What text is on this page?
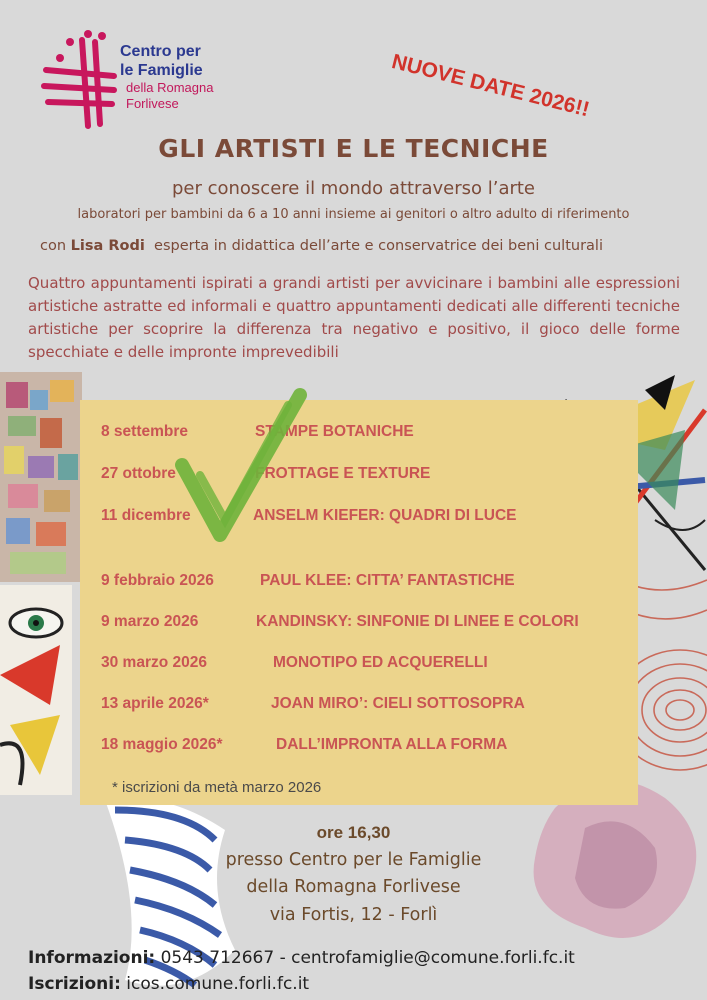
Centro per
le Famiglie
della Romagna
Forlivese	NUOVE DATE 2026!!
GLI ARTISTI E LE TECNICHE
per conoscere il mondo attraverso l’arte
laboratori per bambini da 6 a 10 anni insieme ai genitori o altro adulto di riferimento
con Lisa Rodi esperta in didattica dell’arte e conservatrice dei beni culturali
Quattro appuntamenti ispirati a grandi artisti per avvicinare i bambini alle espressioni artistiche astratte ed informali e quattro appuntamenti dedicati alle differenti tecniche artistiche per scoprire la differenza tra negativo e positivo, il gioco delle forme specchiate e delle impronte imprevedibili
8 settembre	STAMPE BOTANICHE
27 ottobre	FROTTAGE E TEXTURE
11 dicembre	ANSELM KIEFER: QUADRI DI LUCE
9 febbraio 2026	PAUL KLEE: CITTA’ FANTASTICHE
9 marzo 2026	KANDINSKY: SINFONIE DI LINEE E COLORI
30 marzo 2026	MONOTIPO ED ACQUERELLI
13 aprile 2026*	JOAN MIRO’: CIELI SOTTOSOPRA
18 maggio 2026*	DALL’IMPRONTA ALLA FORMA
* iscrizioni da metà marzo 2026
ore 16,30
presso Centro per le Famiglie
della Romagna Forlivese
via Fortis, 12 - Forlì
Informazioni: 0543 712667 - centrofamiglie@comune.forli.fc.it
Iscrizioni: icos.comune.forli.fc.it
